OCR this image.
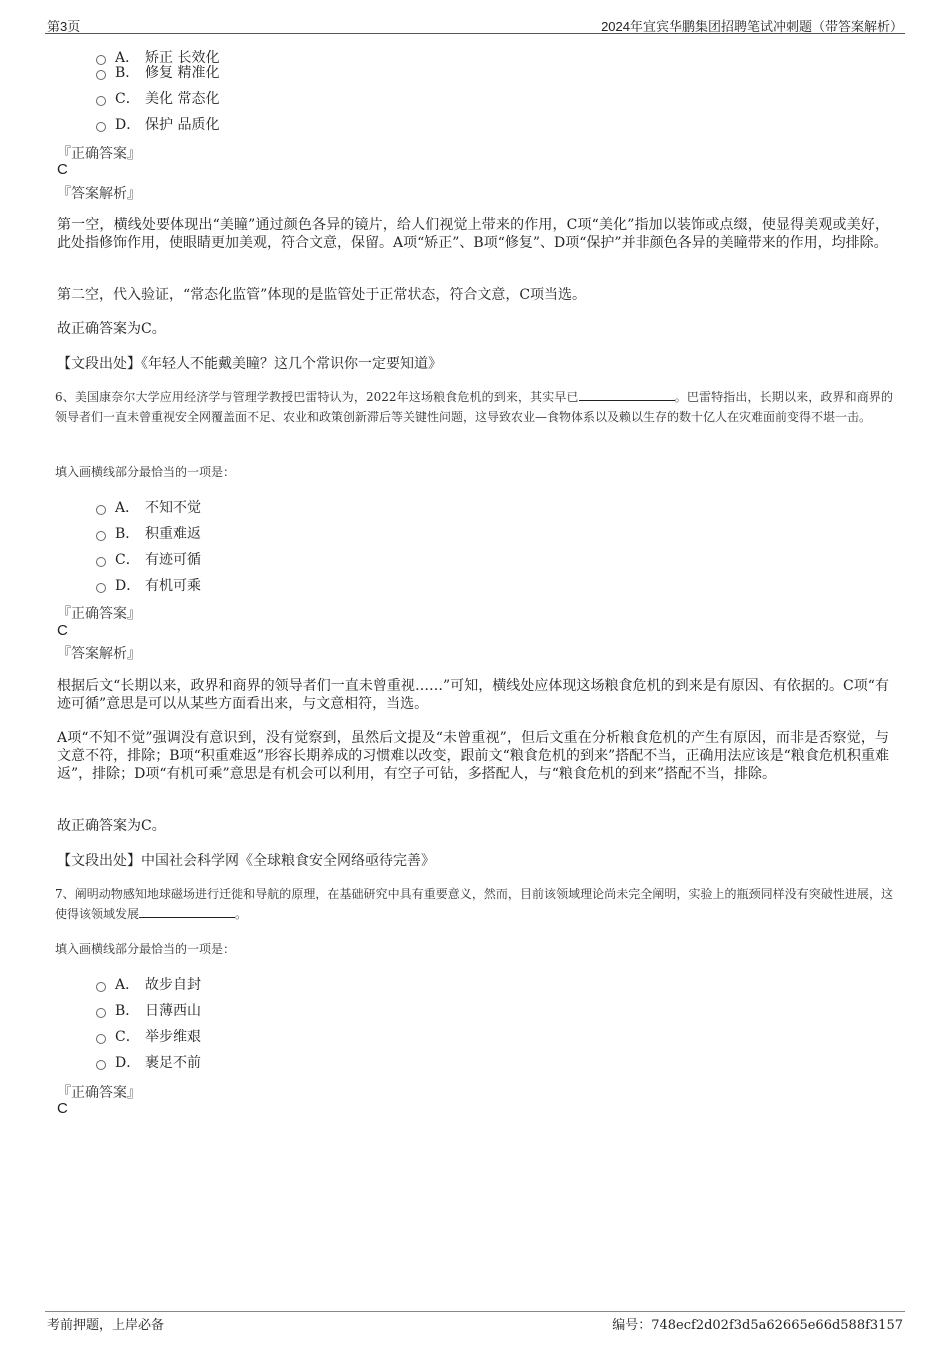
第3页	2024年宜宾华鹏集团招聘笔试冲刺题（带答案解析）
A． 矫正 长效化
B． 修复 精准化
C． 美化 常态化
D． 保护 品质化
『正确答案』
C
『答案解析』
第一空，横线处要体现出“美瞳”通过颜色各异的镜片，给人们视觉上带来的作用，C项“美化”指加以装饰或点缀，使显得美观或美好，此处指修饰作用，使眼睛更加美观，符合文意，保留。A项“矫正”、B项“修复”、D项“保护”并非颜色各异的美瞳带来的作用，均排除。
第二空，代入验证，“常态化监管”体现的是监管处于正常状态，符合文意，C项当选。
故正确答案为C。
【文段出处】《年轻人不能戴美瞳？这几个常识你一定要知道》
6、美国康奈尔大学应用经济学与管理学教授巴雷特认为，2022年这场粮食危机的到来，其实早已	。巴雷特指出，长期以来，政界和商界的领导者们一直未曾重视安全网覆盖面不足、农业和政策创新滞后等关键性问题，这导致农业—食物体系以及赖以生存的数十亿人在灾难面前变得不堪一击。
填入画横线部分最恰当的一项是：
A． 不知不觉
B． 积重难返
C． 有迹可循
D． 有机可乘
『正确答案』
C
『答案解析』
根据后文“长期以来，政界和商界的领导者们一直未曾重视……”可知，横线处应体现这场粮食危机的到来是有原因、有依据的。C项“有迹可循”意思是可以从某些方面看出来，与文意相符，当选。
A项“不知不觉”强调没有意识到，没有觉察到，虽然后文提及“未曾重视”，但后文重在分析粮食危机的产生有原因，而非是否察觉，与文意不符，排除；B项“积重难返”形容长期养成的习惯难以改变，跟前文“粮食危机的到来”搭配不当，正确用法应该是“粮食危机积重难返”，排除；D项“有机可乘”意思是有机会可以利用，有空子可钻，多搭配人，与“粮食危机的到来”搭配不当，排除。
故正确答案为C。
【文段出处】中国社会科学网《全球粮食安全网络亟待完善》
7、阐明动物感知地球磁场进行迁徙和导航的原理，在基础研究中具有重要意义，然而，目前该领域理论尚未完全阐明，实验上的瓶颈同样没有突破性进展，这使得该领域发展	。
填入画横线部分最恰当的一项是：
A． 故步自封
B． 日薄西山
C． 举步维艰
D． 裹足不前
『正确答案』
C
考前押题，上岸必备	编号：748ecf2d02f3d5a62665e66d588f3157
